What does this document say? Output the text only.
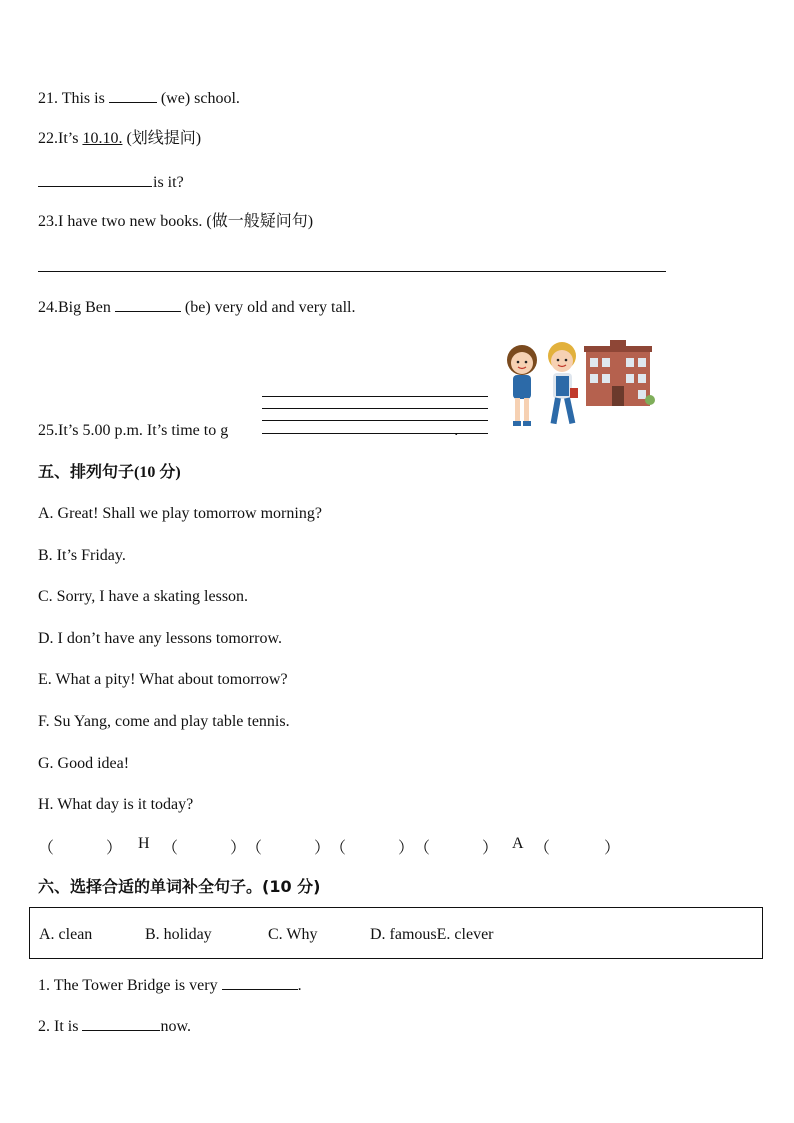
21. This is	(we) school.
22.It’s 10.10. (划线提问)
is it?
23.I have two new books. (做一般疑问句)
24.Big Ben	(be) very old and very tall.
25.It’s 5.00 p.m. It’s time to g	.
五、排列句子(10 分)
A. Great! Shall we play tomorrow morning?
B. It’s Friday.
C. Sorry, I have a skating lesson.
D. I don’t have any lessons tomorrow.
E. What a pity! What about tomorrow?
F. Su Yang, come and play table tennis.
G. Good idea!
H. What day is it today?
（	） H （	） （	） （	） （	） A （	）
六、选择合适的单词补全句子。(10 分)
A. clean	B. holiday	C. Why	D. famousE. clever
1. The Tower Bridge is very	.
2. It is	now.
